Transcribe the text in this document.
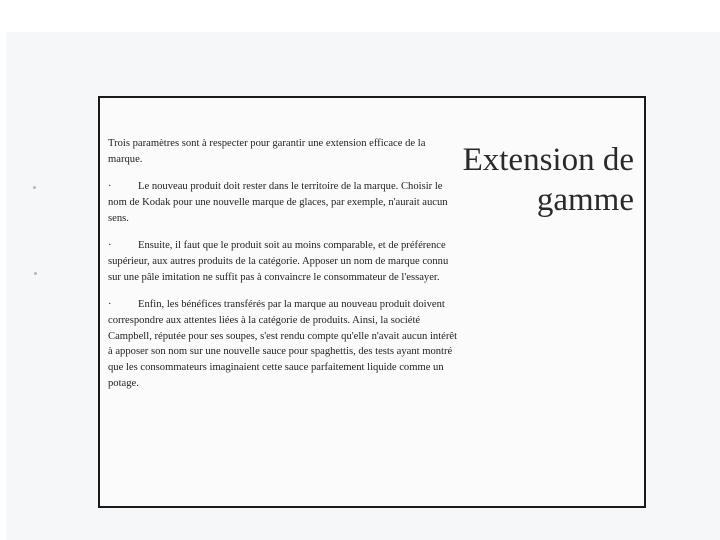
Extension de
gamme

Trois paramètres sont à respecter pour garantir une extension efficace de la marque.

· Le nouveau produit doit rester dans le territoire de la marque. Choisir le nom de Kodak pour une nouvelle marque de glaces, par exemple, n'aurait aucun sens.

· Ensuite, il faut que le produit soit au moins comparable, et de préférence supérieur, aux autres produits de la catégorie. Apposer un nom de marque connu sur une pâle imitation ne suffit pas à convaincre le consommateur de l'essayer.

· Enfin, les bénéfices transférés par la marque au nouveau produit doivent correspondre aux attentes liées à la catégorie de produits. Ainsi, la société Campbell, réputée pour ses soupes, s'est rendu compte qu'elle n'avait aucun intérêt à apposer son nom sur une nouvelle sauce pour spaghettis, des tests ayant montré que les consommateurs imaginaient cette sauce parfaitement liquide comme un potage.
